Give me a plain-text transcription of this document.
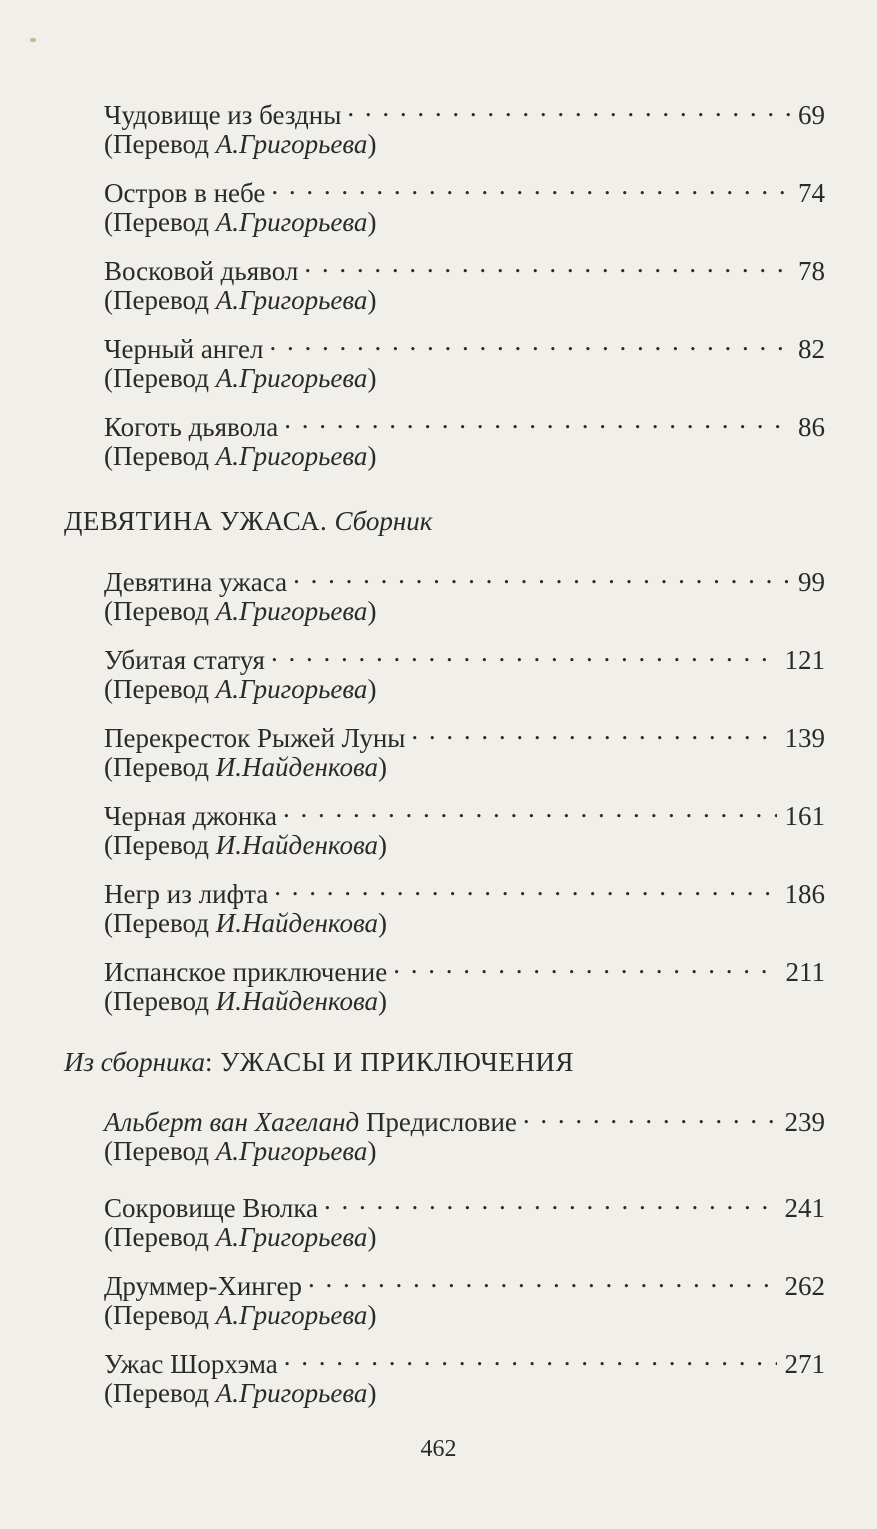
Чудовище из бездны . . .	69
(Перевод А.Григорьева)
Остров в небе . . .	74
(Перевод А.Григорьева)
Восковой дьявол . . .	78
(Перевод А.Григорьева)
Черный ангел . . .	82
(Перевод А.Григорьева)
Коготь дьявола . . .	86
(Перевод А.Григорьева)
ДЕВЯТИНА УЖАСА. Сборник
Девятина ужаса . . .	99
(Перевод А.Григорьева)
Убитая статуя . . .	121
(Перевод А.Григорьева)
Перекресток Рыжей Луны . . .	139
(Перевод И.Найденкова)
Черная джонка . . .	161
(Перевод И.Найденкова)
Негр из лифта . . .	186
(Перевод И.Найденкова)
Испанское приключение . . .	211
(Перевод И.Найденкова)
Из сборника: УЖАСЫ И ПРИКЛЮЧЕНИЯ
Альберт ван Хагеланд Предисловие . . .	239
(Перевод А.Григорьева)
Сокровище Вюлка . . .	241
(Перевод А.Григорьева)
Друммер-Хингер . . .	262
(Перевод А.Григорьева)
Ужас Шорхэма . . .	271
(Перевод А.Григорьева)
462
